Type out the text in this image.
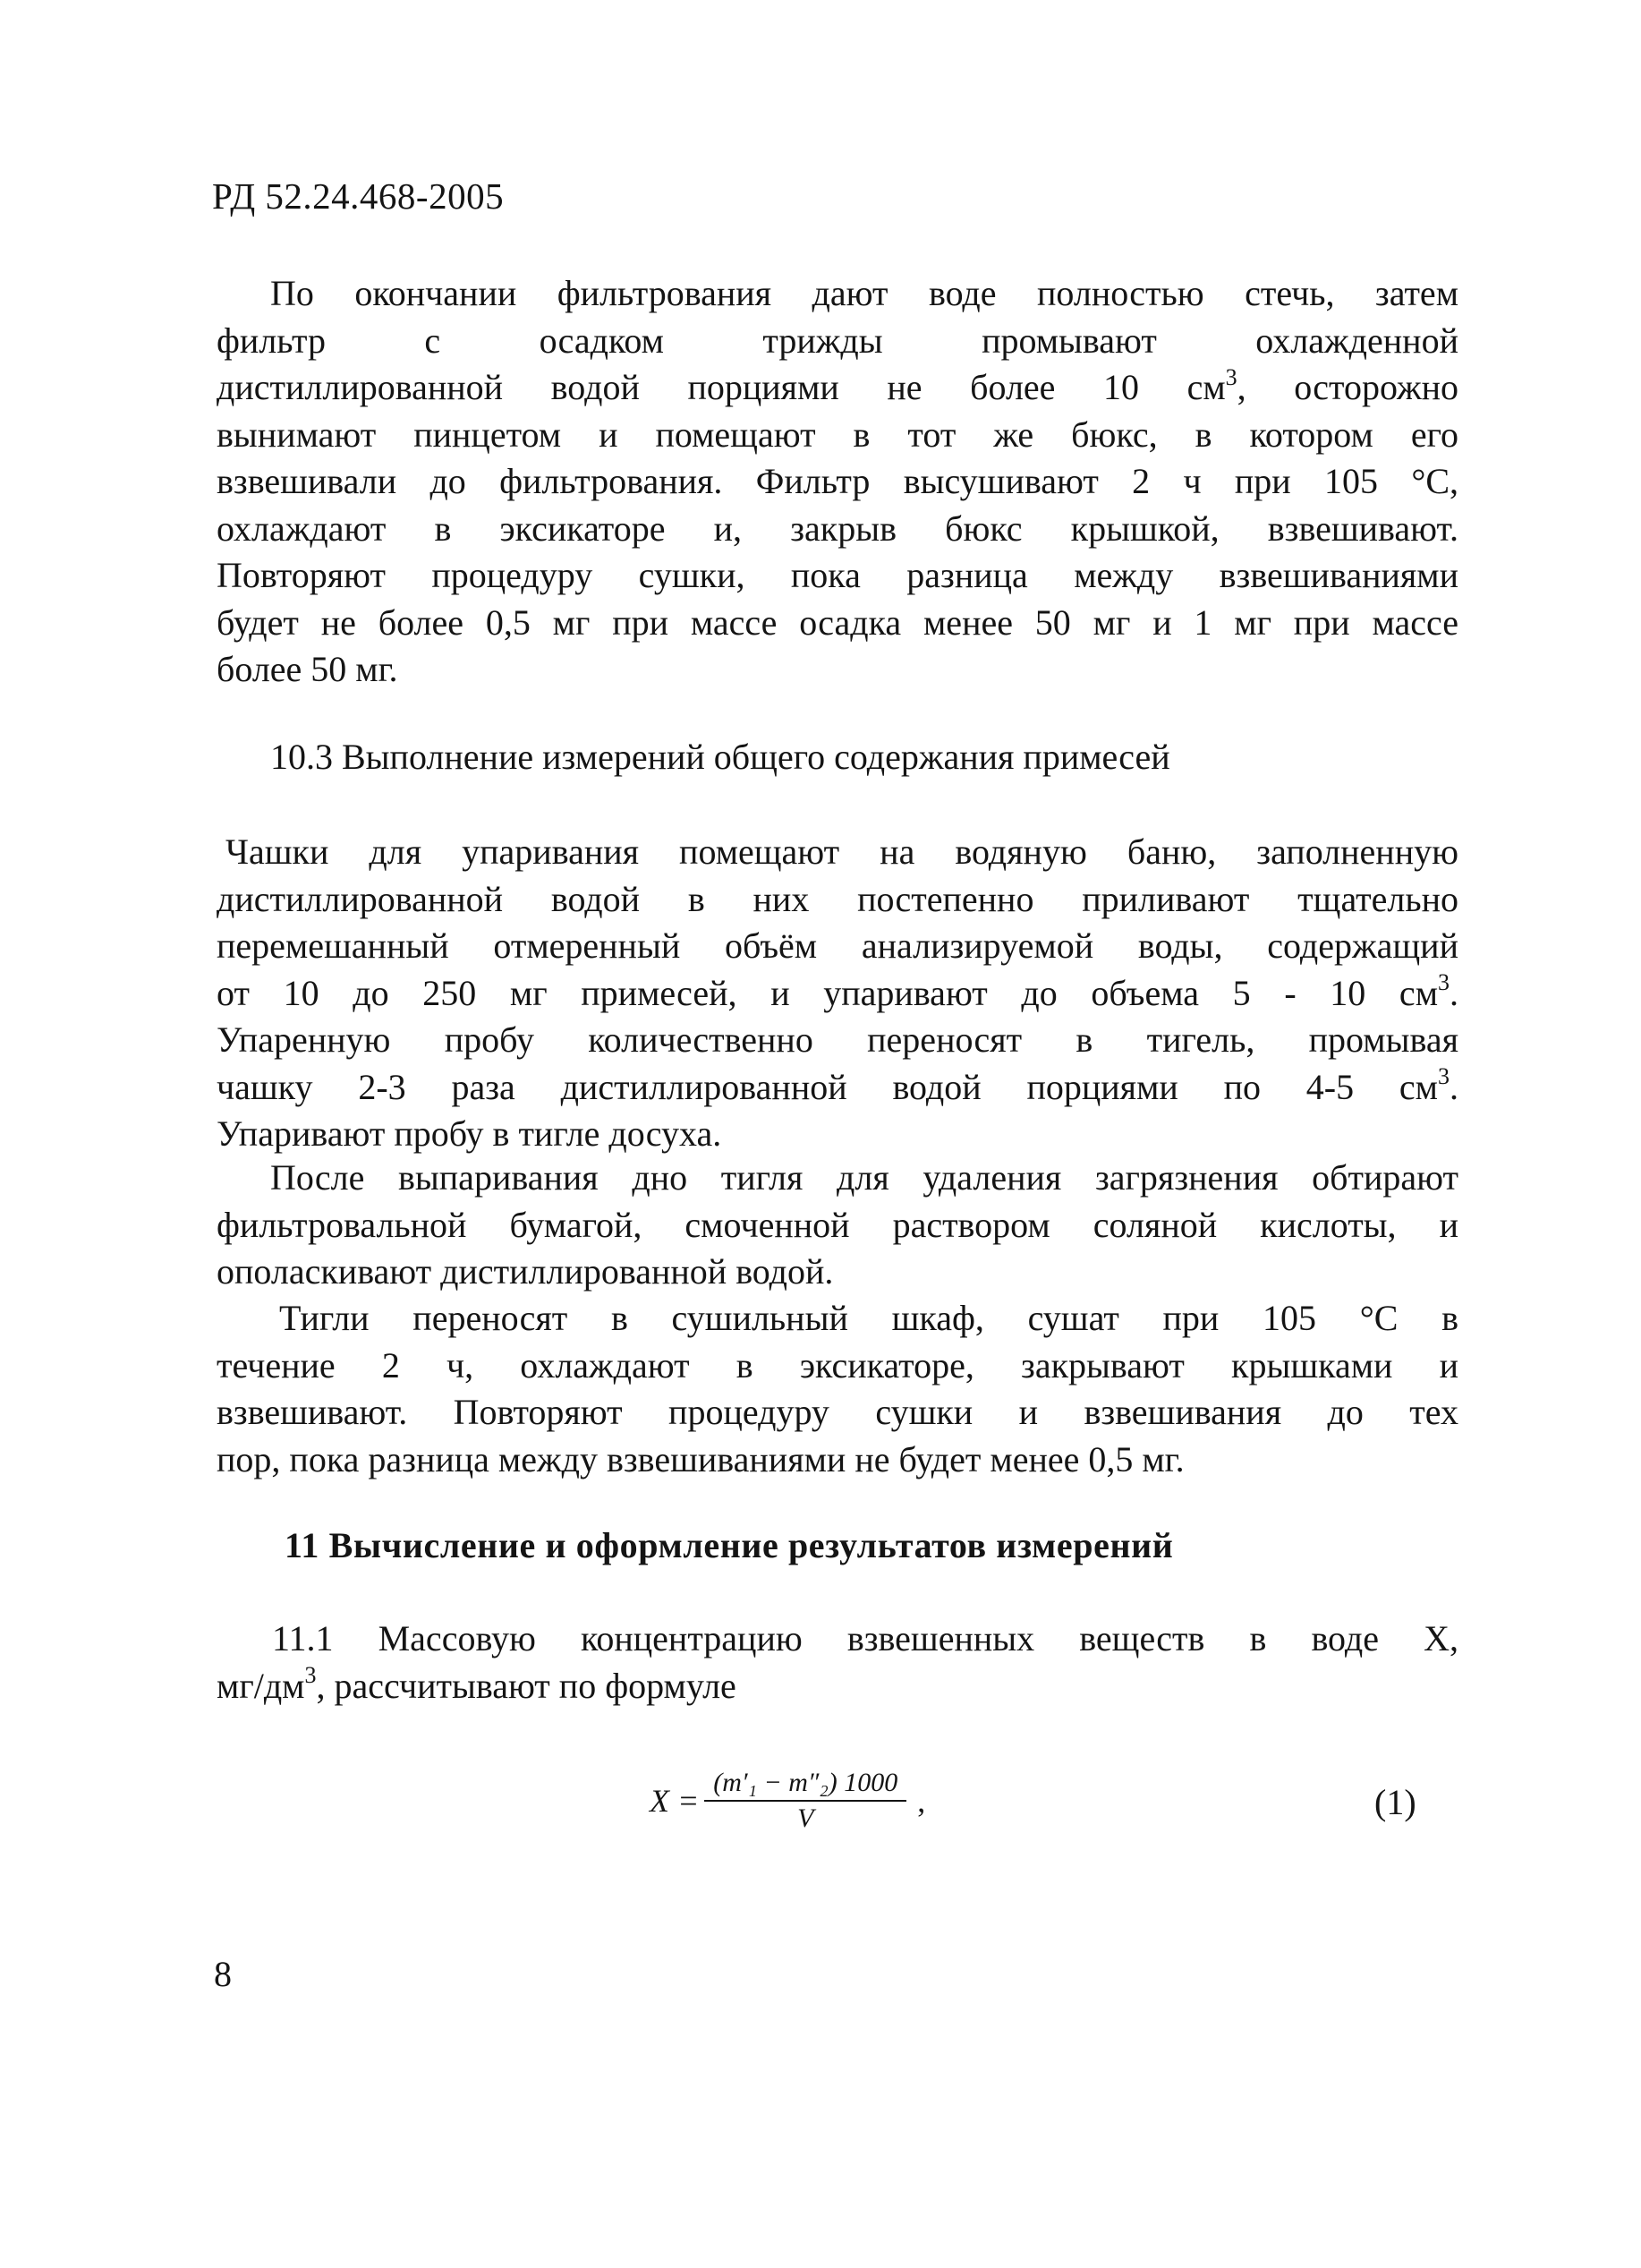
РД 52.24.468-2005
По окончании фильтрования дают воде полностью стечь, затем
фильтр с осадком трижды промывают охлажденной
дистиллированной водой порциями не более 10 $см^3$, осторожно
вынимают пинцетом и помещают в тот же бюкс, в котором его
взвешивали до фильтрования. Фильтр высушивают 2 ч при 105 °С,
охлаждают в эксикаторе и, закрыв бюкс крышкой, взвешивают.
Повторяют процедуру сушки, пока разница между взвешиваниями
будет не более 0,5 мг при массе осадка менее 50 мг и 1 мг при массе
более 50 мг.
10.3 Выполнение измерений общего содержания примесей
Чашки для упаривания помещают на водяную баню, заполненную
дистиллированной водой в них постепенно приливают тщательно
перемешанный отмеренный объём анализируемой воды, содержащий
от 10 до 250 мг примесей, и упаривают до объема 5 - 10 $см^3$.
Упаренную пробу количественно переносят в тигель, промывая
чашку 2-3 раза дистиллированной водой порциями по 4-5 $см^3$.
Упаривают пробу в тигле досуха.
После выпаривания дно тигля для удаления загрязнения обтирают
фильтровальной бумагой, смоченной раствором соляной кислоты, и
ополаскивают дистиллированной водой.
Тигли переносят в сушильный шкаф, сушат при 105 °С в
течение 2 ч, охлаждают в эксикаторе, закрывают крышками и
взвешивают. Повторяют процедуру сушки и взвешивания до тех
пор, пока разница между взвешиваниями не будет менее 0,5 мг.
11 Вычисление и оформление результатов измерений
11.1 Массовую концентрацию взвешенных веществ в воде Х,
$мг/дм^3$, рассчитывают по формуле
$X = \frac{\text{(m′₁ − m″₂) 1000}}{V}$ ,	(1)
8
